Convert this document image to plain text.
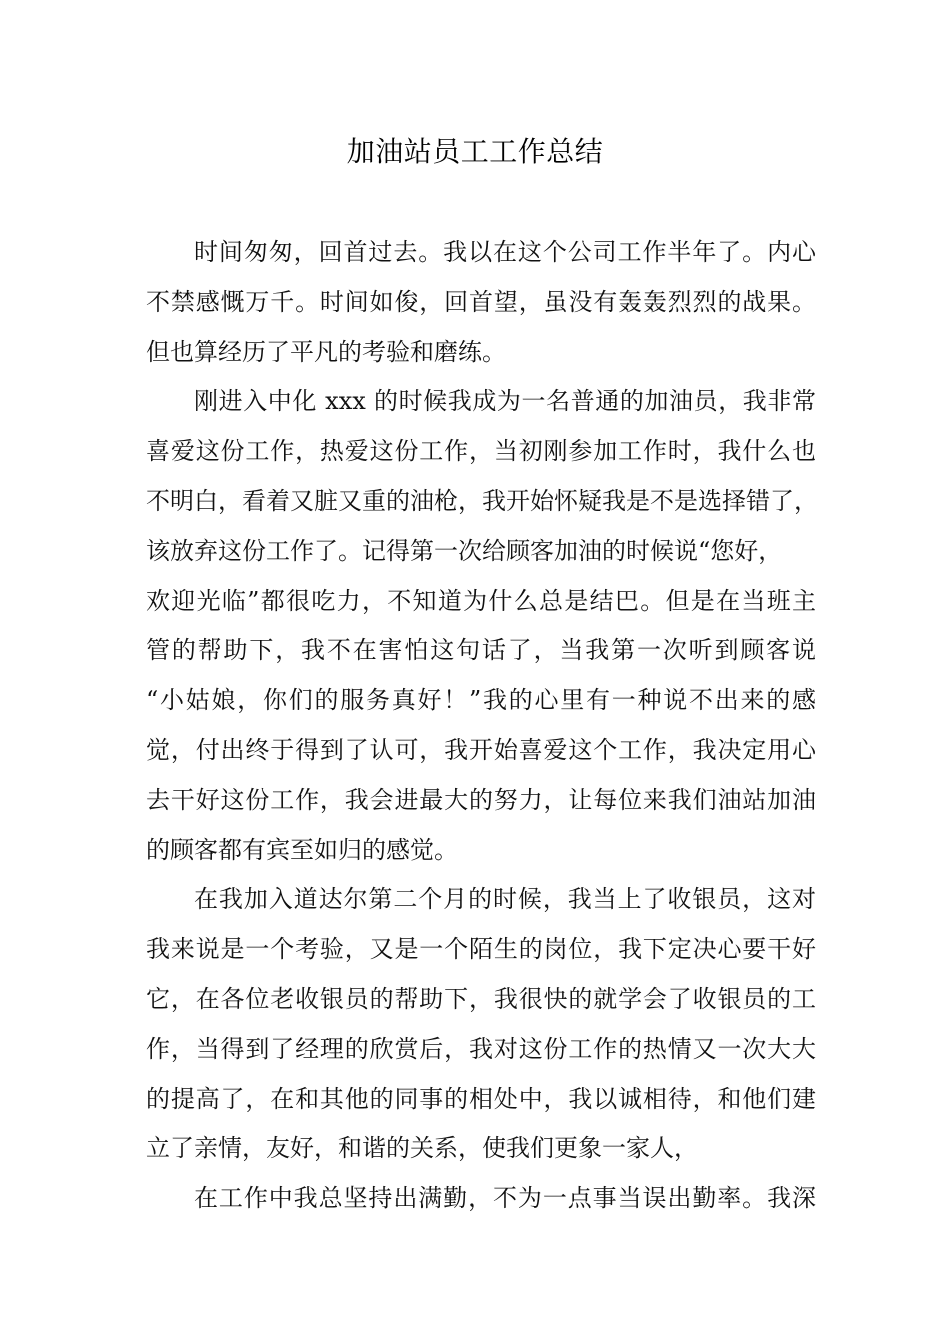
加油站员工工作总结
时间匆匆，回首过去。我以在这个公司工作半年了。内心
不禁感慨万千。时间如俊，回首望，虽没有轰轰烈烈的战果。
但也算经历了平凡的考验和磨练。
刚进入中化 xxx 的时候我成为一名普通的加油员，我非常
喜爱这份工作，热爱这份工作，当初刚参加工作时，我什么也
不明白，看着又脏又重的油枪，我开始怀疑我是不是选择错了，
该放弃这份工作了。记得第一次给顾客加油的时候说“您好，
欢迎光临”都很吃力，不知道为什么总是结巴。但是在当班主
管的帮助下，我不在害怕这句话了，当我第一次听到顾客说
“小姑娘，你们的服务真好！”我的心里有一种说不出来的感
觉，付出终于得到了认可，我开始喜爱这个工作，我决定用心
去干好这份工作，我会进最大的努力，让每位来我们油站加油
的顾客都有宾至如归的感觉。
在我加入道达尔第二个月的时候，我当上了收银员，这对
我来说是一个考验，又是一个陌生的岗位，我下定决心要干好
它，在各位老收银员的帮助下，我很快的就学会了收银员的工
作，当得到了经理的欣赏后，我对这份工作的热情又一次大大
的提高了，在和其他的同事的相处中，我以诚相待，和他们建
立了亲情，友好，和谐的关系，使我们更象一家人，
在工作中我总坚持出满勤，不为一点事当误出勤率。我深
